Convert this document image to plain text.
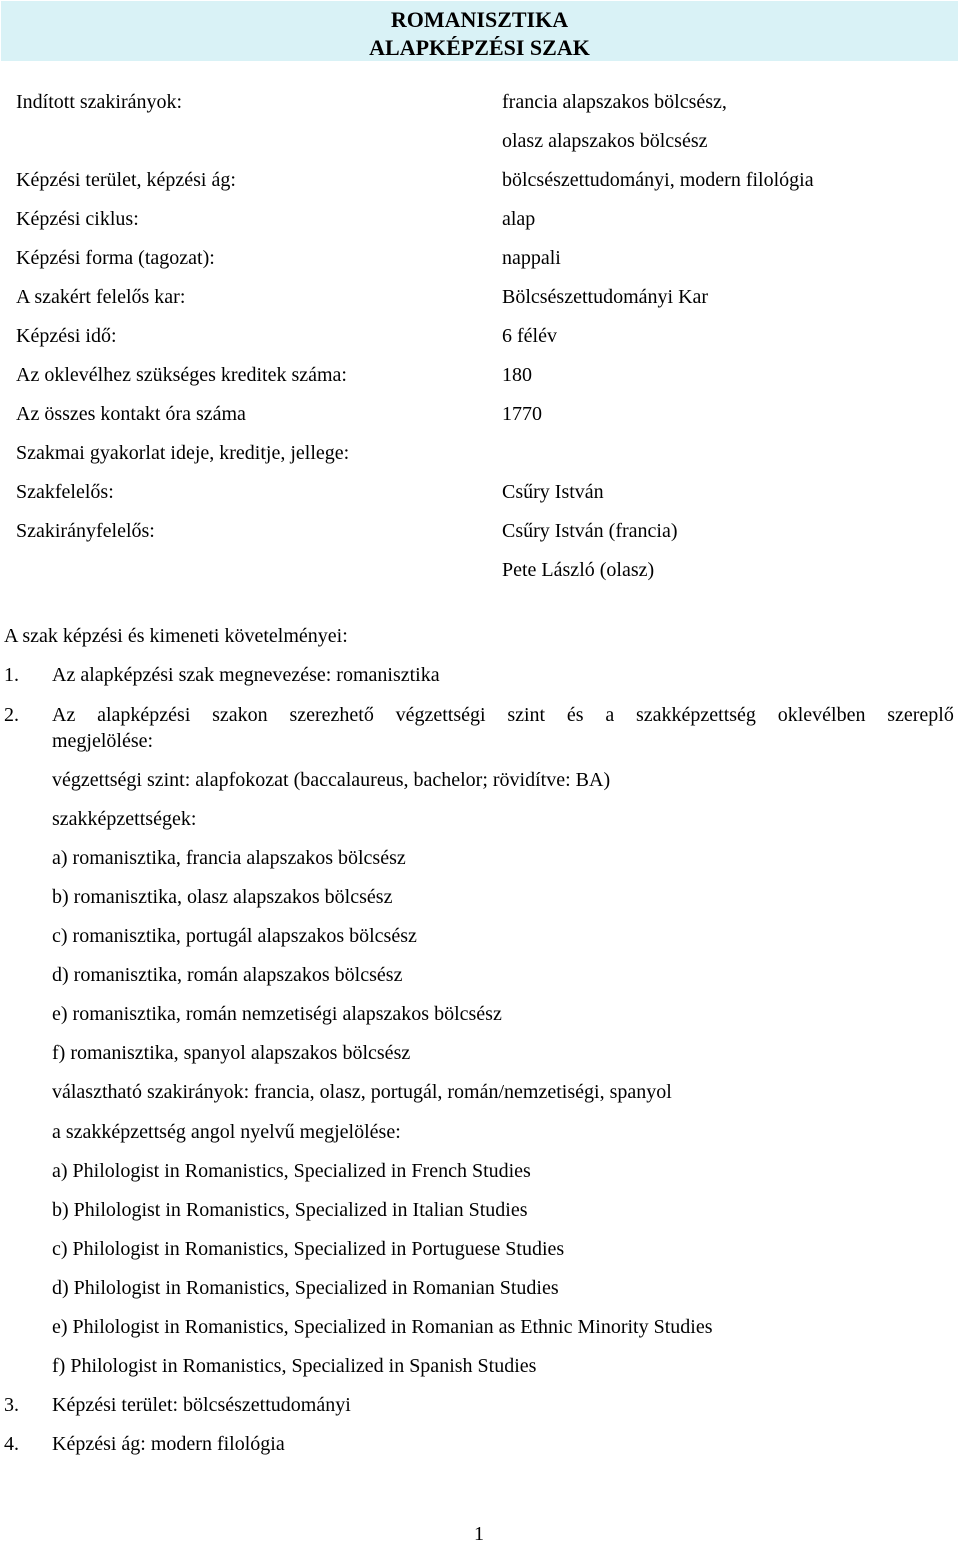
ROMANISZTIKA
ALAPKÉPZÉSI SZAK
Indított szakirányok:	francia alapszakos bölcsész,
olasz alapszakos bölcsész
Képzési terület, képzési ág:	bölcsészettudományi, modern filológia
Képzési ciklus:	alap
Képzési forma (tagozat):	nappali
A szakért felelős kar:	Bölcsészettudományi Kar
Képzési idő:	6 félév
Az oklevélhez szükséges kreditek száma:	180
Az összes kontakt óra száma	1770
Szakmai gyakorlat ideje, kreditje, jellege:
Szakfelelős:	Csűry István
Szakirányfelelős:	Csűry István (francia)
Pete László (olasz)
A szak képzési és kimeneti követelményei:
1. Az alapképzési szak megnevezése: romanisztika
2. Az alapképzési szakon szerezhető végzettségi szint és a szakképzettség oklevélben szereplő
megjelölése:
végzettségi szint: alapfokozat (baccalaureus, bachelor; rövidítve: BA)
szakképzettségek:
a) romanisztika, francia alapszakos bölcsész
b) romanisztika, olasz alapszakos bölcsész
c) romanisztika, portugál alapszakos bölcsész
d) romanisztika, román alapszakos bölcsész
e) romanisztika, román nemzetiségi alapszakos bölcsész
f) romanisztika, spanyol alapszakos bölcsész
választható szakirányok: francia, olasz, portugál, román/nemzetiségi, spanyol
a szakképzettség angol nyelvű megjelölése:
a) Philologist in Romanistics, Specialized in French Studies
b) Philologist in Romanistics, Specialized in Italian Studies
c) Philologist in Romanistics, Specialized in Portuguese Studies
d) Philologist in Romanistics, Specialized in Romanian Studies
e) Philologist in Romanistics, Specialized in Romanian as Ethnic Minority Studies
f) Philologist in Romanistics, Specialized in Spanish Studies
3. Képzési terület: bölcsészettudományi
4. Képzési ág: modern filológia
1
